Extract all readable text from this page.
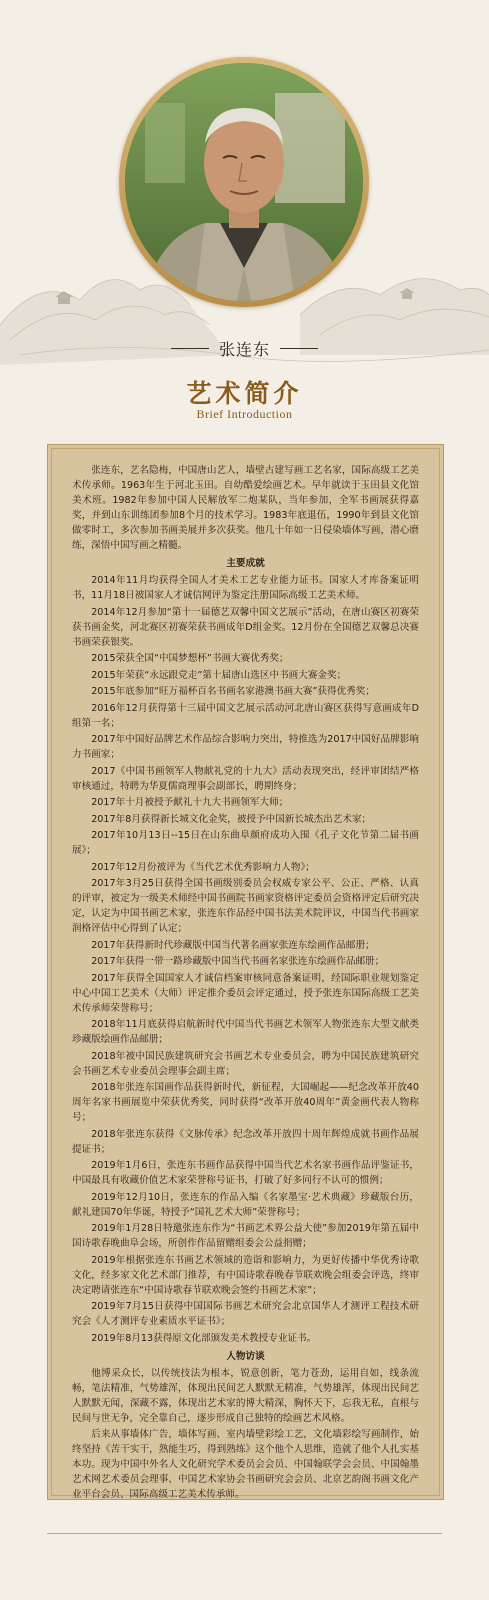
张连东
艺术简介
Brief Introduction

张连东，艺名隐梅，中国唐山艺人，墙壁古建写画工艺名家，国际高级工艺美术传承师。1963年生于河北玉田。自幼酷爱绘画艺术。早年就读于玉田县文化馆美术班。1982年参加中国人民解放军二炮某队，当年参加，全军书画展获得嘉奖，并到山东训练团参加8个月的技术学习。1983年底退伍，1990年到县文化馆做零时工，多次参加书画美展并多次获奖。他几十年如一日侵染墙体写画，潜心磨练，深悟中国写画之精髓。

主要成就

2014年11月均获得全国人才美术工艺专业能力证书。国家人才库备案证明书，11月18日被国家人才诚信网评为鉴定注册国际高级工艺美术师。

2014年12月参加“第十一届德艺双馨中国文艺展示”活动，在唐山赛区初赛荣获书画金奖，河北赛区初赛荣获书画成年D组金奖。12月份在全国德艺双馨总决赛书画荣获银奖。

2015荣获全国“中国梦想杯”书画大赛优秀奖；

2015年荣获“永远跟党走”第十届唐山选区中书画大赛金奖；

2015年底参加“旺万福杯百名书画名家港澳书画大赛”获得优秀奖；

2016年12月获得第十三届中国文艺展示活动河北唐山赛区获得写意画成年D组第一名；

2017年中国好品牌艺术作品综合影响力突出，特推选为2017中国好品牌影响力书画家；

2017《中国书画领军人物献礼党的十九大》活动表现突出，经评审团结严格审核通过，特聘为华夏儒商理事会副部长，聘期终身；

2017年十月被授予献礼十九大书画领军大师；

2017年8月获得新长城文化金奖，被授予中国新长城杰出艺术家；

2017年10月13日--15日在山东曲阜颜府成功入围《孔子文化节第二届书画展》；

2017年12月份被评为《当代艺术优秀影响力人物》；

2017年3月25日获得全国书画级别委员会权威专家公平、公正、严格、认真的评审，被定为一级美术师经中国书画院书画家资格评定委员会资格评定后研究决定，认定为中国书画艺术家，张连东作品经中国书法美术院评议，中国当代书画家润格评估中心得到了认定；

2017年获得新时代珍藏版中国当代著名画家张连东绘画作品邮册；

2017年获得一带一路珍藏版中国当代书画名家张连东绘画作品邮册；

2017年获得全国国家人才诚信档案审核同意备案证明，经国际职业规划鉴定中心中国工艺美术（大师）评定推介委员会评定通过，授予张连东国际高级工艺美术传承师荣誉称号；

2018年11月底获得启航新时代中国当代书画艺术领军人物张连东大型文献类珍藏版绘画作品邮册；

2018年被中国民族建筑研究会书画艺术专业委员会，聘为中国民族建筑研究会书画艺术专业委员会理事会副主席；

2018年张连东国画作品获得新时代，新征程，大国崛起——纪念改革开放40周年名家书画展览中荣获优秀奖，同时获得“改革开放40周年”黄金画代表人物称号；

2018年张连东获得《文脉传承》纪念改革开放四十周年辉煌成就书画作品展提证书；

2019年1月6日，张连东书画作品获得中国当代艺术名家书画作品评鉴证书，中国最具有收藏价值艺术家荣誉称号证书，打破了好多同行不认可的惯例；

2019年12月10日，张连东的作品入编《名家墨宝·艺术典藏》珍藏版台历，献礼建国70年华诞，特授予“国礼艺术大师”荣誉称号；

2019年1月28日特邀张连东作为“书画艺术界公益大使”参加2019年第五届中国诗歌春晚曲阜会场，所创作作品留赠组委会公益捐赠；

2019年根据张连东书画艺术领域的造诣和影响力，为更好传播中华优秀诗歌文化，经多家文化艺术部门推荐，有中国诗歌春晚春节联欢晚会组委会评选，终审决定聘请张连东“中国诗歌春节联欢晚会签约书画艺术家”；

2019年7月15日获得中国国际书画艺术研究会北京国华人才测评工程技术研究会《人才测评专业素质水平证书》；

2019年8月13获得原文化部颁发美术教授专业证书。

人物访谈

他博采众长，以传统技法为根本，锐意创新，笔力苍劲，运用自如，线条流畅，笔法精准，气势雄浑，体现出民间艺人默默无精准，气势雄浑，体现出民间艺人默默无闻，深藏不露，体现出艺术家的博大精深，胸怀天下，忘我无私，直根与民间与世无争，完全靠自己，逐步形成自己独特的绘画艺术风格。

后来从事墙体广告，墙体写画、室内墙壁彩绘工艺，文化墙彩绘写画制作，始终坚持《苦干实干，熟能生巧，得到熟练》这个他个人思维，造就了他个人扎实基本功。现为中国中外名人文化研究学术委员会会员、中国翰联学会会员、中国翰墨艺术网艺术委员会理事、中国艺术家协会书画研究会会员、北京艺韵阁书画文化产业平台会员、国际高级工艺美术传承师。
